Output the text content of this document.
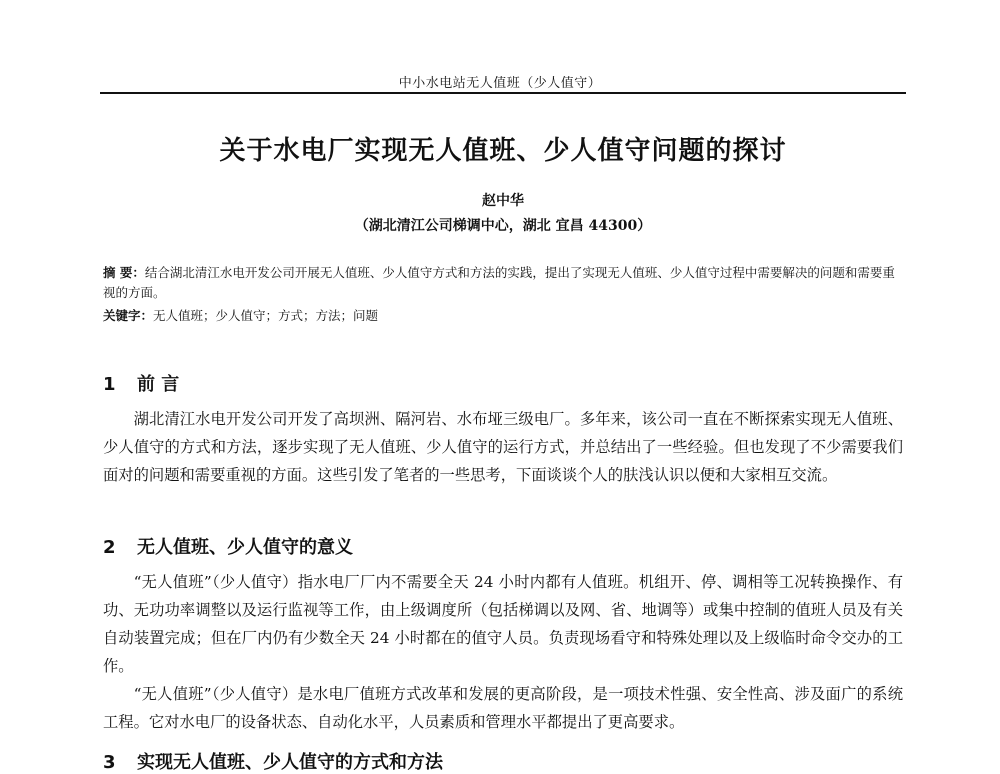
中小水电站无人值班（少人值守）
关于水电厂实现无人值班、少人值守问题的探讨
赵中华
（湖北清江公司梯调中心，湖北 宜昌 44300）
摘 要：结合湖北清江水电开发公司开展无人值班、少人值守方式和方法的实践，提出了实现无人值班、少人值守过程中需要解决的问题和需要重视的方面。
关键字：无人值班；少人值守；方式；方法；问题
1 前 言

湖北清江水电开发公司开发了高坝洲、隔河岩、水布垭三级电厂。多年来，该公司一直在不断探索实现无人值班、少人值守的方式和方法，逐步实现了无人值班、少人值守的运行方式，并总结出了一些经验。但也发现了不少需要我们面对的问题和需要重视的方面。这些引发了笔者的一些思考，下面谈谈个人的肤浅认识以便和大家相互交流。

2 无人值班、少人值守的意义

“无人值班”（少人值守）指水电厂厂内不需要全天 24 小时内都有人值班。机组开、停、调相等工况转换操作、有功、无功功率调整以及运行监视等工作，由上级调度所（包括梯调以及网、省、地调等）或集中控制的值班人员及有关自动装置完成；但在厂内仍有少数全天 24 小时都在的值守人员。负责现场看守和特殊处理以及上级临时命令交办的工作。

“无人值班”（少人值守）是水电厂值班方式改革和发展的更高阶段，是一项技术性强、安全性高、涉及面广的系统工程。它对水电厂的设备状态、自动化水平，人员素质和管理水平都提出了更高要求。

3 实现无人值班、少人值守的方式和方法
